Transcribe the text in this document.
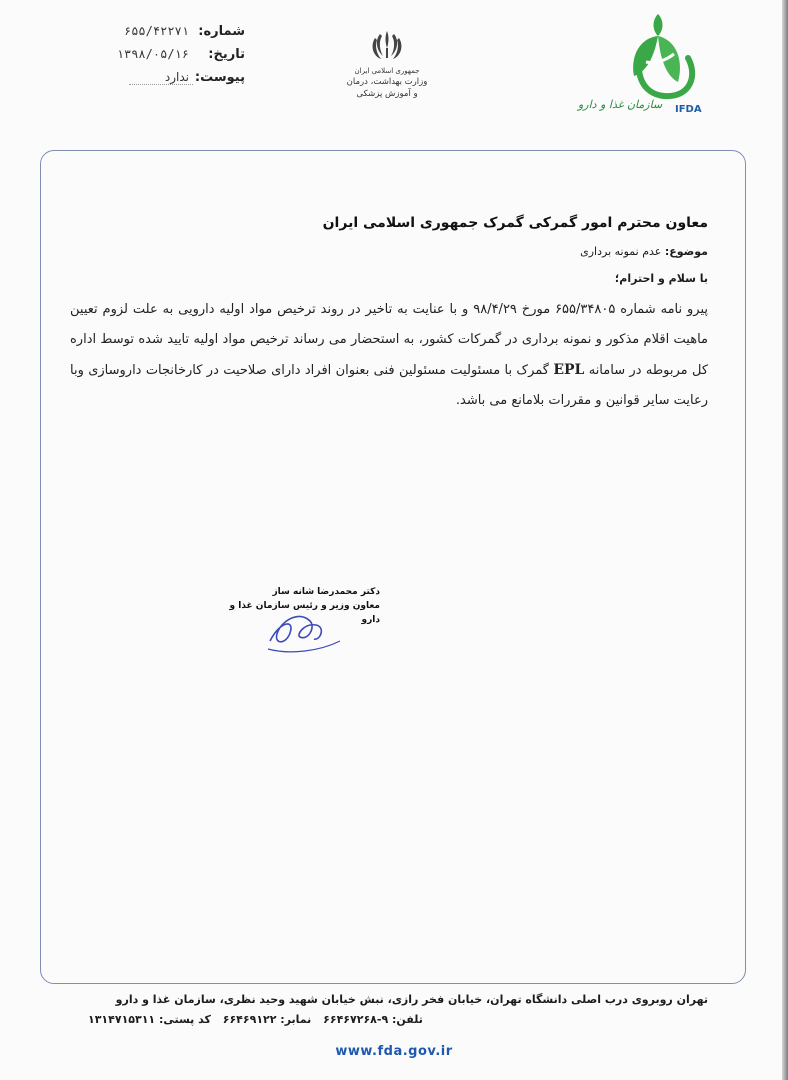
شماره:
۶۵۵/۴۲۲۷۱
تاریخ:
۱۳۹۸/۰۵/۱۶
پیوست:
ندارد	جمهوری اسلامی ایران
وزارت بهداشت، درمان
و آموزش پزشکی
سازمان غذا و دارو IFDA
معاون محترم امور گمرکی گمرک جمهوری اسلامی ایران
موضوع: عدم نمونه برداری
با سلام و احترام؛
پیرو نامه شماره ۶۵۵/۳۴۸۰۵ مورخ ۹۸/۴/۲۹ و با عنایت به تاخیر در روند ترخیص مواد اولیه دارویی به علت لزوم تعیین ماهیت اقلام مذکور و نمونه برداری در گمرکات کشور، به استحضار می رساند ترخیص مواد اولیه تایید شده توسط اداره کل مربوطه در سامانه EPL گمرک با مسئولیت مسئولین فنی بعنوان افراد دارای صلاحیت در کارخانجات داروسازی وبا رعایت سایر قوانین و مقررات بلامانع می باشد.
دکتر محمدرضا شانه ساز
معاون وزیر و رئیس سازمان غذا و دارو
تهران روبروی درب اصلی دانشگاه تهران، خیابان فخر رازی، نبش خیابان شهید وحید نظری، سازمان غذا و دارو
تلفن: ۹-۶۶۴۶۷۲۶۸ نمابر: ۶۶۴۶۹۱۲۲ کد پستی: ۱۳۱۴۷۱۵۳۱۱
www.fda.gov.ir
